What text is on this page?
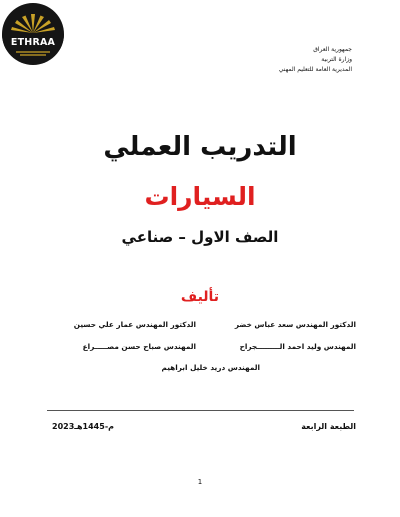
ETHRAA
جمهورية العراق
وزارة التربية
المديرية العامة للتعليم المهني
التدريب العملي
السيارات
الصف الاول – صناعي
تأليف
الدكتور المهندس سعد عباس خضر
الدكتور المهندس عمار علي حسين
المهندس وليد احمد الـــــــــجراح
المهندس صباح حسن مصـــــراع
المهندس دريد خليل ابراهيم
الطبعة الرابعة
2023م-1445هـ
1
